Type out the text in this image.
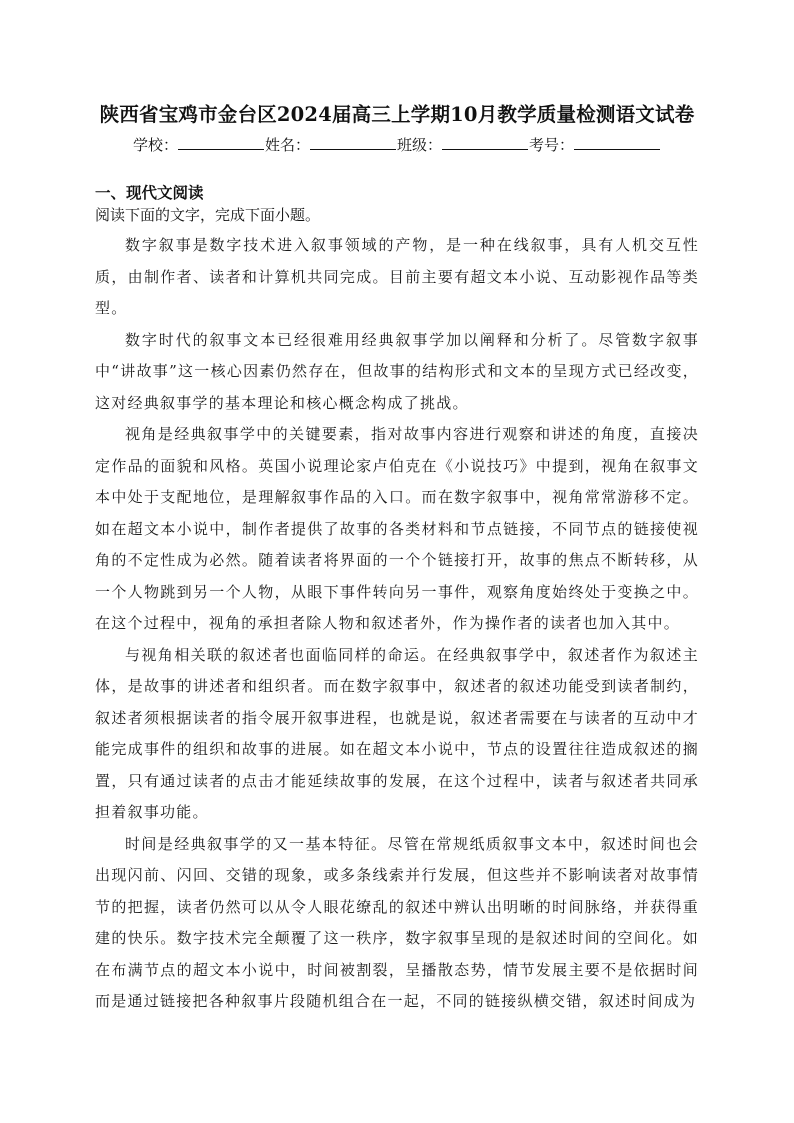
陕西省宝鸡市金台区2024届高三上学期10月教学质量检测语文试卷
学校：	姓名：	班级：	考号：
一、现代文阅读
阅读下面的文字，完成下面小题。

数字叙事是数字技术进入叙事领域的产物，是一种在线叙事，具有人机交互性质，由制作者、读者和计算机共同完成。目前主要有超文本小说、互动影视作品等类型。

数字时代的叙事文本已经很难用经典叙事学加以阐释和分析了。尽管数字叙事中“讲故事”这一核心因素仍然存在，但故事的结构形式和文本的呈现方式已经改变，这对经典叙事学的基本理论和核心概念构成了挑战。

视角是经典叙事学中的关键要素，指对故事内容进行观察和讲述的角度，直接决定作品的面貌和风格。英国小说理论家卢伯克在《小说技巧》中提到，视角在叙事文本中处于支配地位，是理解叙事作品的入口。而在数字叙事中，视角常常游移不定。如在超文本小说中，制作者提供了故事的各类材料和节点链接，不同节点的链接使视角的不定性成为必然。随着读者将界面的一个个链接打开，故事的焦点不断转移，从一个人物跳到另一个人物，从眼下事件转向另一事件，观察角度始终处于变换之中。在这个过程中，视角的承担者除人物和叙述者外，作为操作者的读者也加入其中。

与视角相关联的叙述者也面临同样的命运。在经典叙事学中，叙述者作为叙述主体，是故事的讲述者和组织者。而在数字叙事中，叙述者的叙述功能受到读者制约，叙述者须根据读者的指令展开叙事进程，也就是说，叙述者需要在与读者的互动中才能完成事件的组织和故事的进展。如在超文本小说中，节点的设置往往造成叙述的搁置，只有通过读者的点击才能延续故事的发展，在这个过程中，读者与叙述者共同承担着叙事功能。

时间是经典叙事学的又一基本特征。尽管在常规纸质叙事文本中，叙述时间也会出现闪前、闪回、交错的现象，或多条线索并行发展，但这些并不影响读者对故事情节的把握，读者仍然可以从令人眼花缭乱的叙述中辨认出明晰的时间脉络，并获得重建的快乐。数字技术完全颠覆了这一秩序，数字叙事呈现的是叙述时间的空间化。如在布满节点的超文本小说中，时间被割裂，呈播散态势，情节发展主要不是依据时间而是通过链接把各种叙事片段随机组合在一起，不同的链接纵横交错，叙述时间成为
